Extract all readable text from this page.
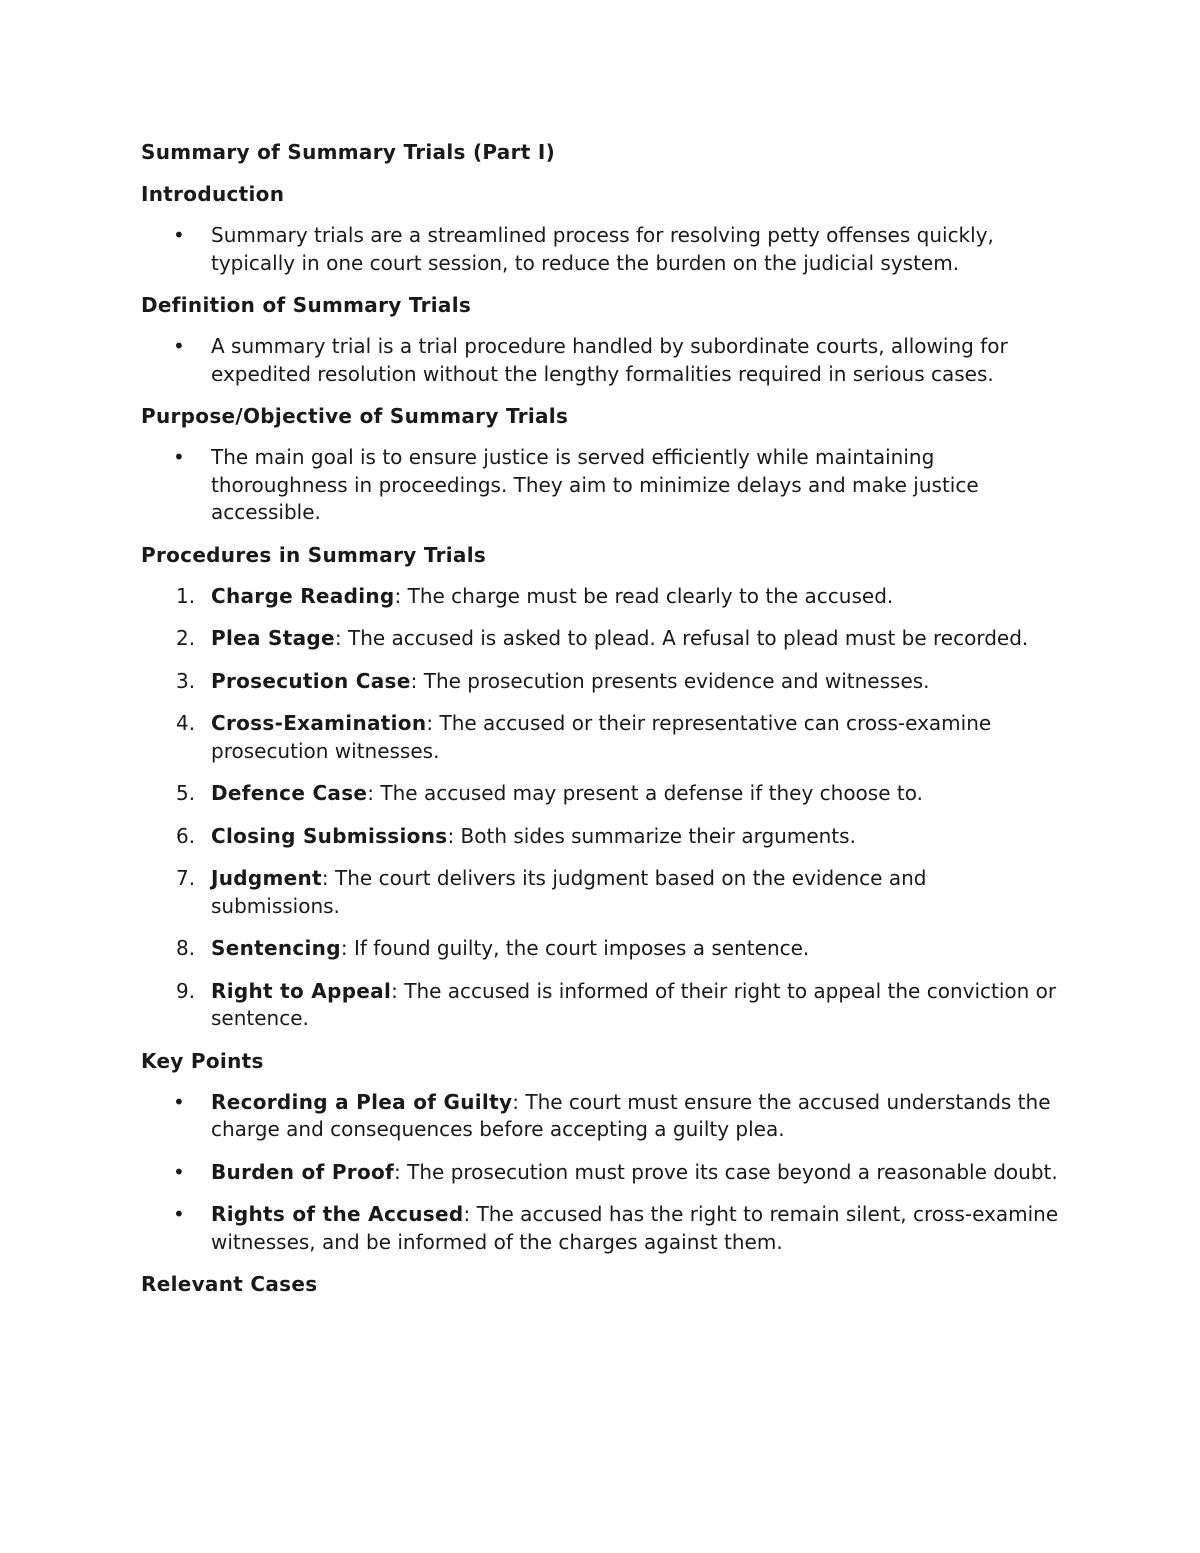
Summary of Summary Trials (Part I)
Introduction
• Summary trials are a streamlined process for resolving petty offenses quickly, typically in one court session, to reduce the burden on the judicial system.
Definition of Summary Trials
• A summary trial is a trial procedure handled by subordinate courts, allowing for expedited resolution without the lengthy formalities required in serious cases.
Purpose/Objective of Summary Trials
• The main goal is to ensure justice is served efficiently while maintaining thoroughness in proceedings. They aim to minimize delays and make justice accessible.
Procedures in Summary Trials
1. Charge Reading: The charge must be read clearly to the accused.
2. Plea Stage: The accused is asked to plead. A refusal to plead must be recorded.
3. Prosecution Case: The prosecution presents evidence and witnesses.
4. Cross-Examination: The accused or their representative can cross-examine prosecution witnesses.
5. Defence Case: The accused may present a defense if they choose to.
6. Closing Submissions: Both sides summarize their arguments.
7. Judgment: The court delivers its judgment based on the evidence and submissions.
8. Sentencing: If found guilty, the court imposes a sentence.
9. Right to Appeal: The accused is informed of their right to appeal the conviction or sentence.
Key Points
• Recording a Plea of Guilty: The court must ensure the accused understands the charge and consequences before accepting a guilty plea.
• Burden of Proof: The prosecution must prove its case beyond a reasonable doubt.
• Rights of the Accused: The accused has the right to remain silent, cross-examine witnesses, and be informed of the charges against them.
Relevant Cases
